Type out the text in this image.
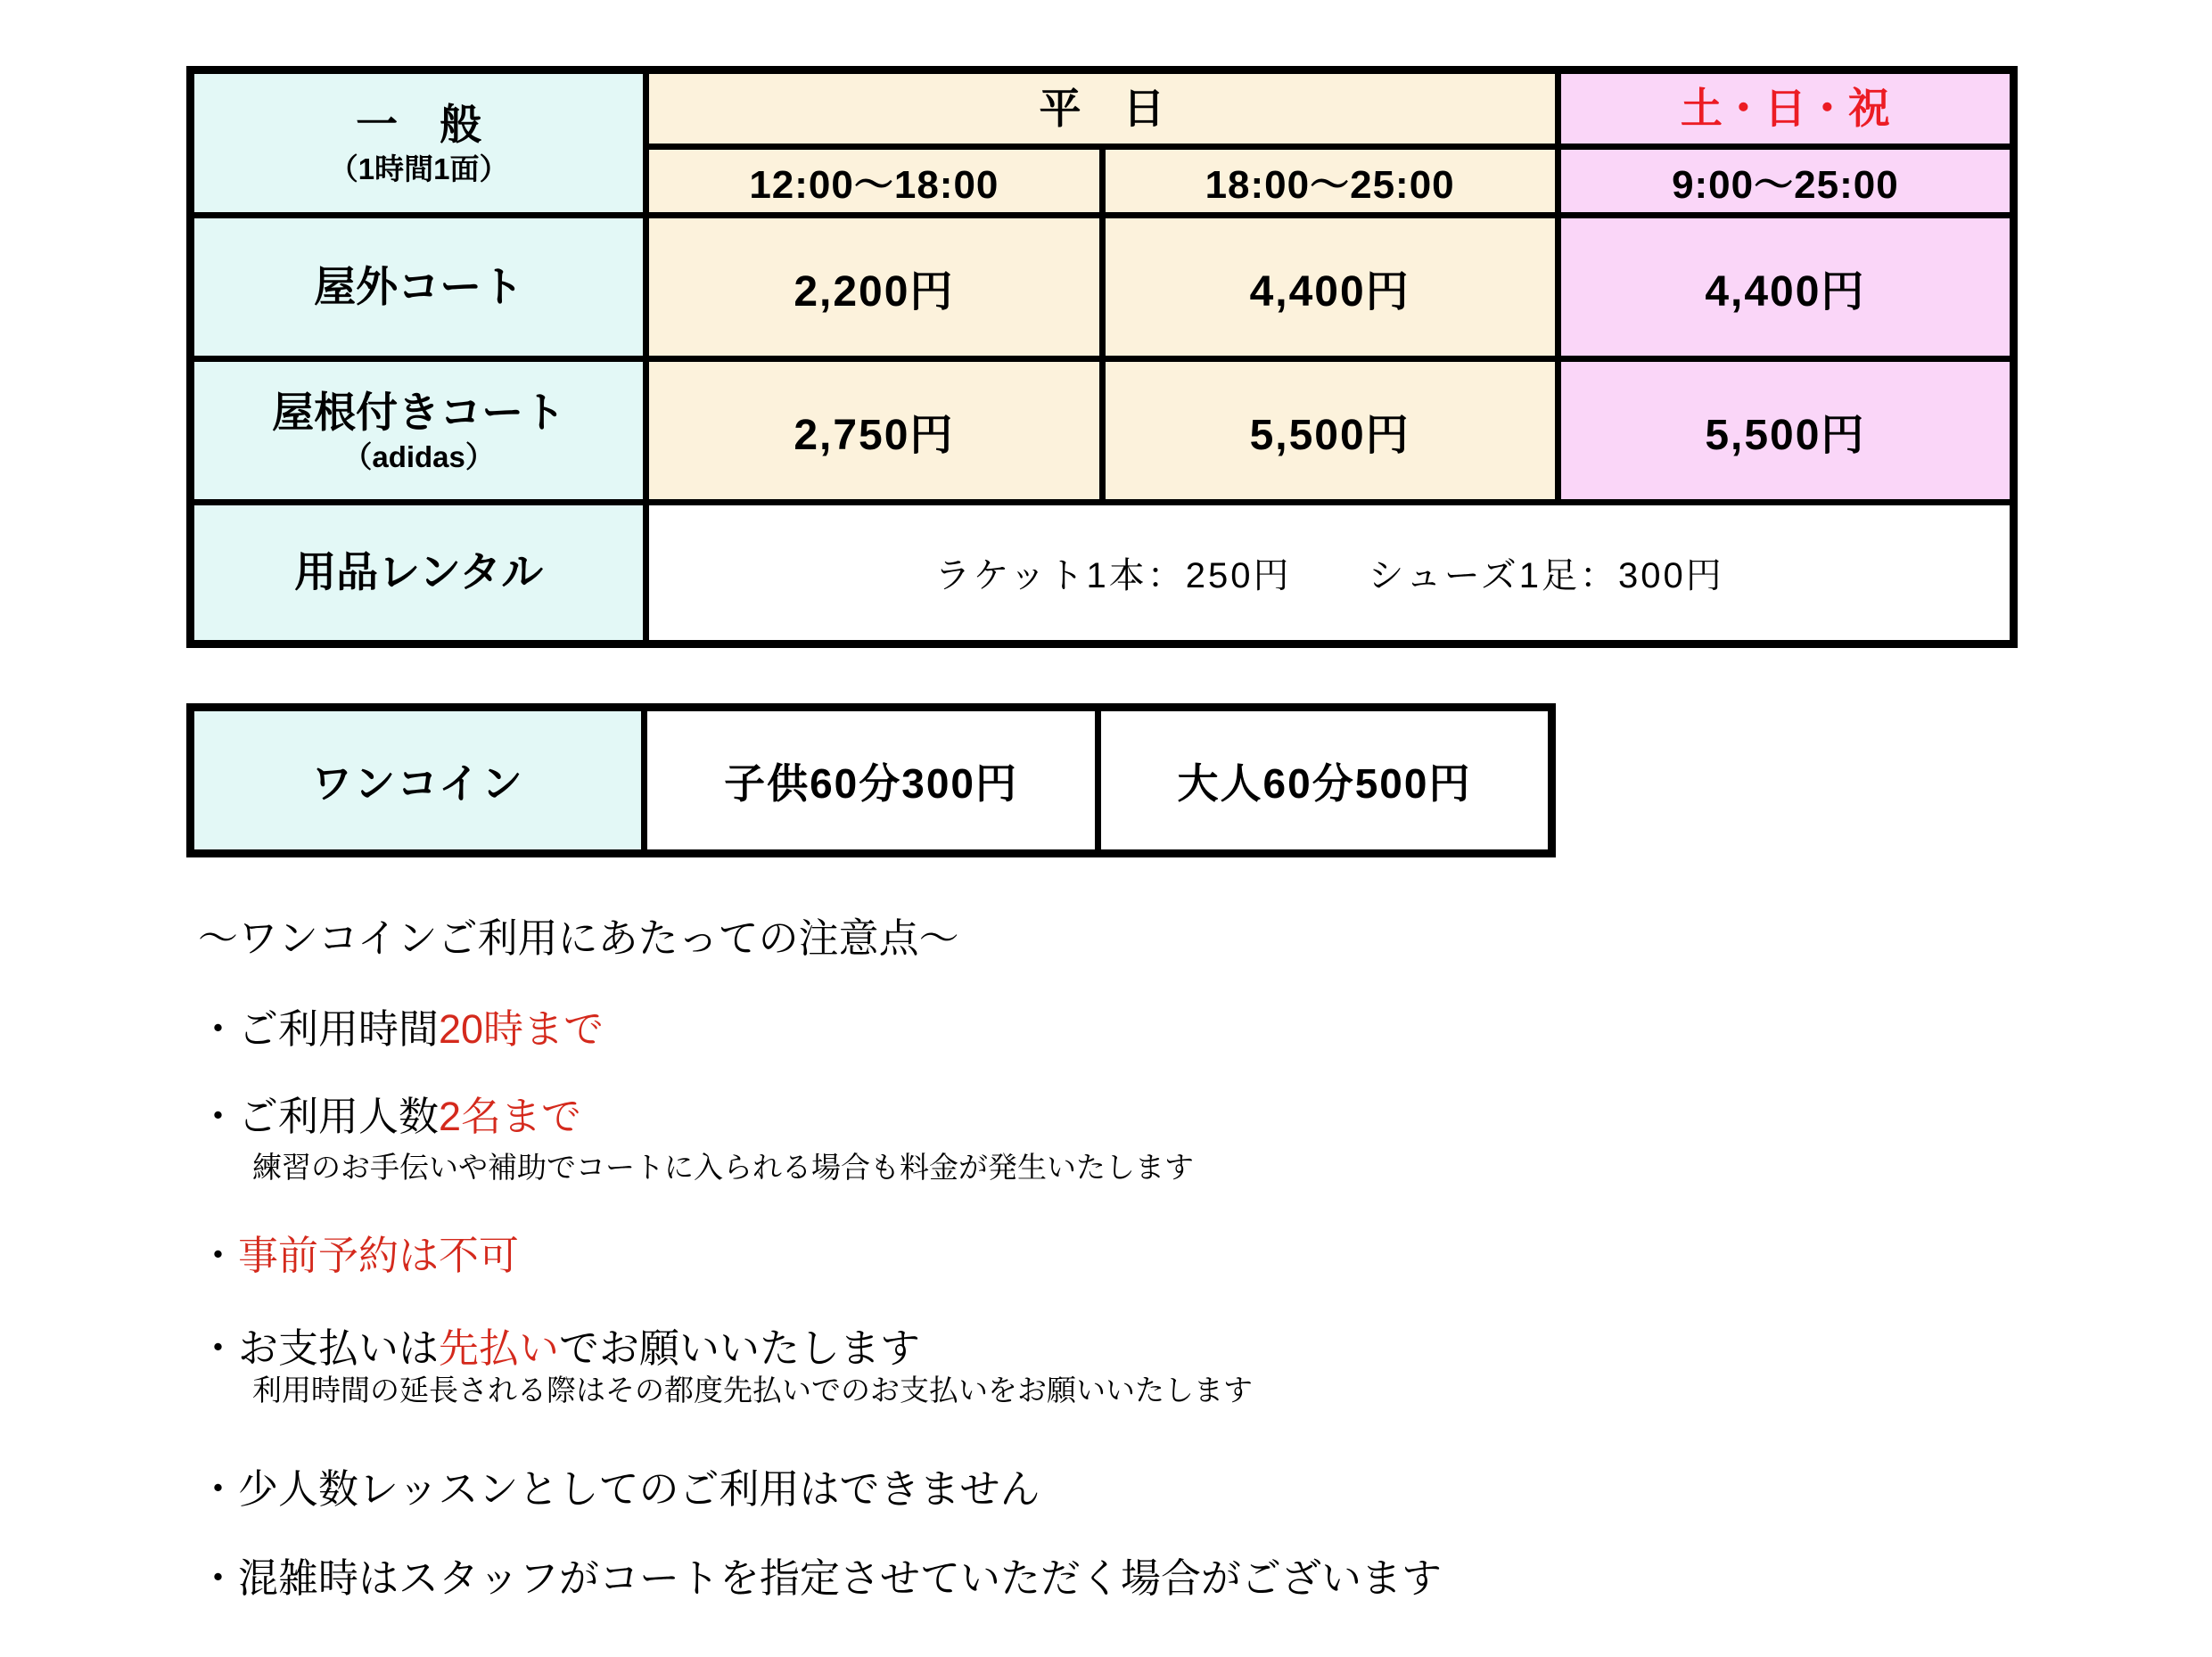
一　般
（1時間1面）	平　日		土・日・祝
	12:00〜18:00	18:00〜25:00	9:00〜25:00
屋外コート	2,200円	4,400円	4,400円

屋根付きコート
（adidas）	2,750円	5,500円	5,500円
用品レンタル	ラケット1本：250円　　シューズ1足：300円		
ワンコイン	子供60分300円	大人60分500円
〜ワンコインご利用にあたっての注意点〜
・ご利用時間20時まで
・ご利用人数2名まで
練習のお手伝いや補助でコートに入られる場合も料金が発生いたします
・事前予約は不可
・お支払いは先払いでお願いいたします
利用時間の延長される際はその都度先払いでのお支払いをお願いいたします
・少人数レッスンとしてのご利用はできません
・混雑時はスタッフがコートを指定させていただく場合がございます
